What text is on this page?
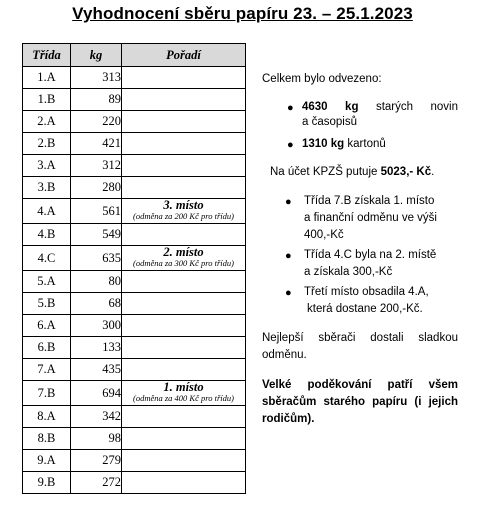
Vyhodnocení sběru papíru 23. – 25.1.2023
Třída	kg	Pořadí
1.A	313	
1.B	89	
2.A	220	
2.B	421	
3.A	312	
3.B	280	
4.A	561	3. místo
(odměna za 200 Kč pro třídu)

4.B	549	
4.C	635	2. místo
(odměna za 300 Kč pro třídu)

5.A	80	
5.B	68	
6.A	300	
6.B	133	
7.A	435	
7.B	694	1. místo
(odměna za 400 Kč pro třídu)

8.A	342	
8.B	98	
9.A	279	
9.B	272	
Celkem bylo odvezeno:
● 4630 kg starých novin
a časopisů
● 1310 kg kartonů
Na účet KPZŠ putuje 5023,- Kč.
● Třída 7.B získala 1. místo
a finanční odměnu ve výši
400,-Kč
● Třída 4.C byla na 2. místě
a získala 300,-Kč
● Třetí místo obsadila 4.A,
která dostane 200,-Kč.
Nejlepší sběrači dostali sladkou
odměnu.
Velké poděkování patří všem
sběračům starého papíru (i jejich
rodičům).
